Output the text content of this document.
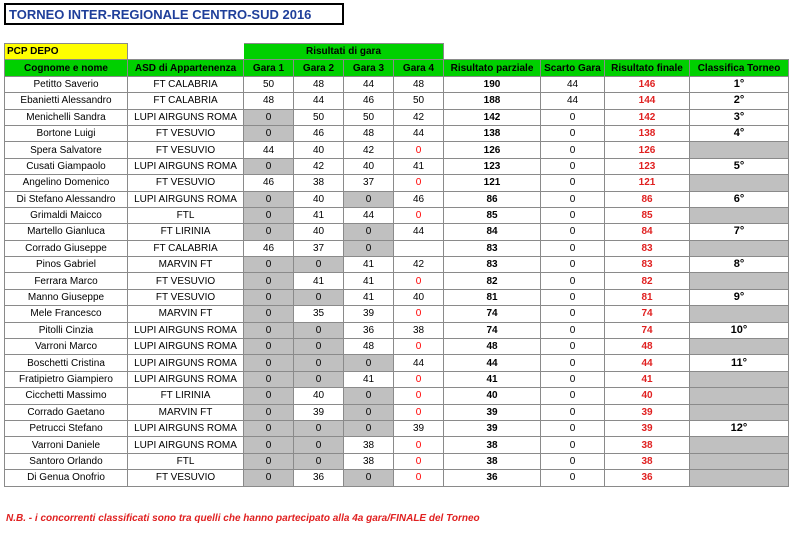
TORNEO INTER-REGIONALE CENTRO-SUD 2016
PCP DEPO		Risultati di gara							
Cognome e nome	ASD di Appartenenza	Gara 1	Gara 2	Gara 3	Gara 4	Risultato parziale	Scarto Gara	Risultato finale	Classifica Torneo
Petitto Saverio	FT CALABRIA	50	48	44	48	190	44	146	1°
Ebanietti Alessandro	FT CALABRIA	48	44	46	50	188	44	144	2°
Menichelli Sandra	LUPI AIRGUNS ROMA	0	50	50	42	142	0	142	3°
Bortone Luigi	FT VESUVIO	0	46	48	44	138	0	138	4°
Spera Salvatore	FT VESUVIO	44	40	42	0	126	0	126	
Cusati Giampaolo	LUPI AIRGUNS ROMA	0	42	40	41	123	0	123	5°
Angelino Domenico	FT VESUVIO	46	38	37	0	121	0	121	
Di Stefano Alessandro	LUPI AIRGUNS ROMA	0	40	0	46	86	0	86	6°
Grimaldi Maicco	FTL	0	41	44	0	85	0	85	
Martello Gianluca	FT LIRINIA	0	40	0	44	84	0	84	7°
Corrado Giuseppe	FT CALABRIA	46	37	0		83	0	83	
Pinos Gabriel	MARVIN FT	0	0	41	42	83	0	83	8°
Ferrara Marco	FT VESUVIO	0	41	41	0	82	0	82	
Manno Giuseppe	FT VESUVIO	0	0	41	40	81	0	81	9°
Mele Francesco	MARVIN FT	0	35	39	0	74	0	74	
Pitolli Cinzia	LUPI AIRGUNS ROMA	0	0	36	38	74	0	74	10°
Varroni Marco	LUPI AIRGUNS ROMA	0	0	48	0	48	0	48	
Boschetti Cristina	LUPI AIRGUNS ROMA	0	0	0	44	44	0	44	11°
Fratipietro Giampiero	LUPI AIRGUNS ROMA	0	0	41	0	41	0	41	
Cicchetti Massimo	FT LIRINIA	0	40	0	0	40	0	40	
Corrado Gaetano	MARVIN FT	0	39	0	0	39	0	39	
Petrucci Stefano	LUPI AIRGUNS ROMA	0	0	0	39	39	0	39	12°
Varroni Daniele	LUPI AIRGUNS ROMA	0	0	38	0	38	0	38	
Santoro Orlando	FTL	0	0	38	0	38	0	38	
Di Genua Onofrio	FT VESUVIO	0	36	0	0	36	0	36	
N.B. - i concorrenti classificati sono tra quelli che hanno partecipato alla 4a gara/FINALE del Torneo
